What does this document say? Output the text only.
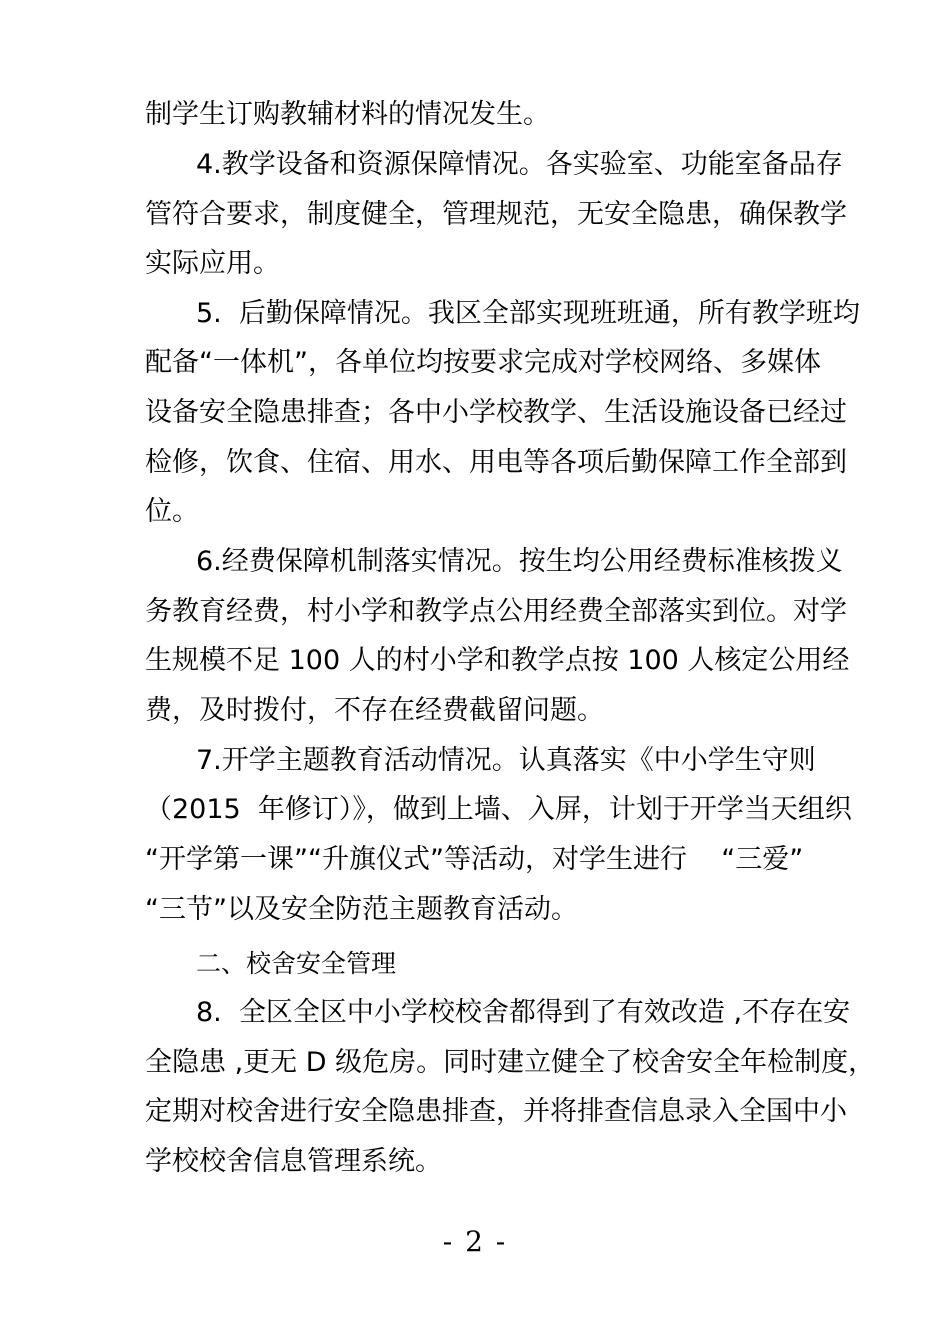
制学生订购教辅材料的情况发生。
4.教学设备和资源保障情况。各实验室、功能室备品存
管符合要求，制度健全，管理规范，无安全隐患，确保教学
实际应用。
5.  后勤保障情况。我区全部实现班班通，所有教学班均
配备“一体机”，各单位均按要求完成对学校网络、多媒体
设备安全隐患排查；各中小学校教学、生活设施设备已经过
检修，饮食、住宿、用水、用电等各项后勤保障工作全部到
位。
6.经费保障机制落实情况。按生均公用经费标准核拨义
务教育经费，村小学和教学点公用经费全部落实到位。对学
生规模不足 100 人的村小学和教学点按 100 人核定公用经
费，及时拨付，不存在经费截留问题。
7.开学主题教育活动情况。认真落实《中小学生守则
（2015  年修订）》，做到上墙、入屏，计划于开学当天组织
“开学第一课”“升旗仪式”等活动，对学生进行    “三爱”
“三节”以及安全防范主题教育活动。
二、校舍安全管理
8.  全区全区中小学校校舍都得到了有效改造 ,不存在安
全隐患 ,更无 D 级危房。同时建立健全了校舍安全年检制度，
定期对校舍进行安全隐患排查，并将排查信息录入全国中小
学校校舍信息管理系统。
- 2 -
